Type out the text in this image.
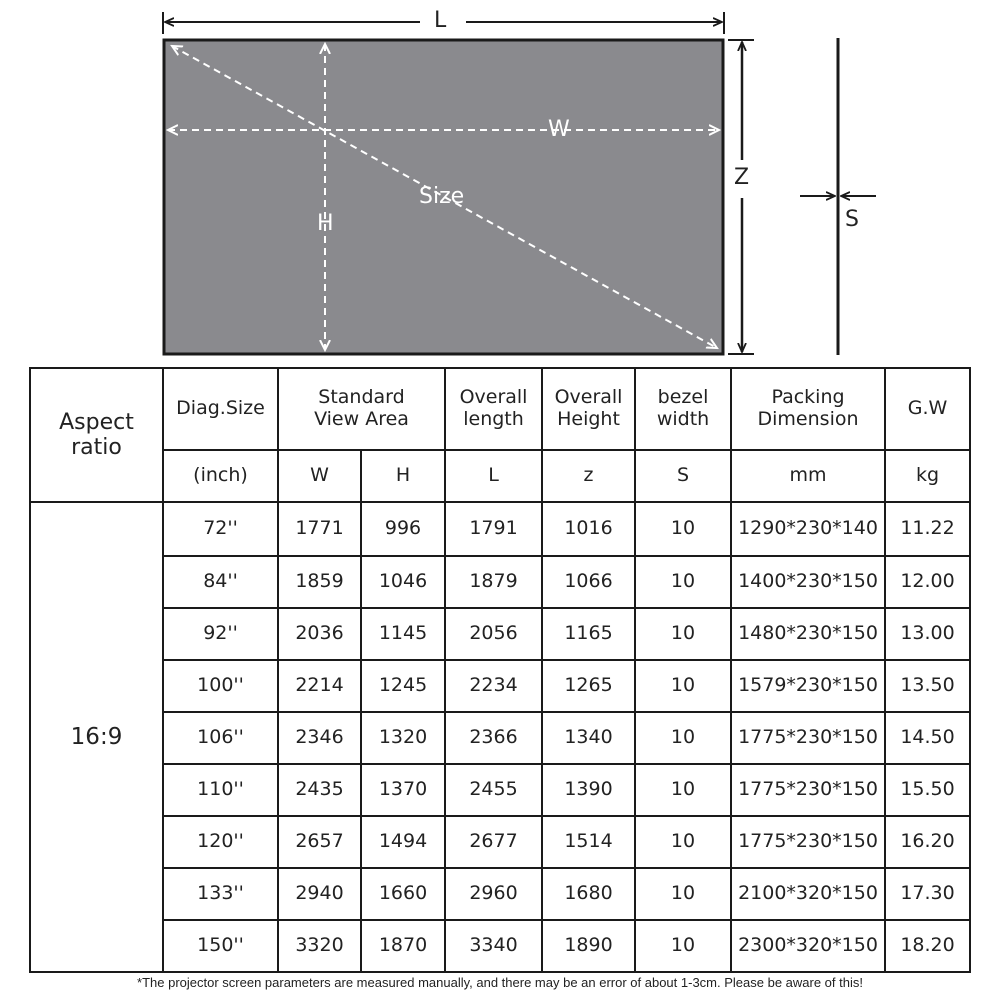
L
Z
S
W
H
Size
Aspect ratio	Diag.Size	Standard View Area		Overall length	Overall Height	bezel width	Packing Dimension	G.W
	(inch)	W	H	L	z	S	mm	kg
16:9	72''	1771	996	1791	1016	10	1290*230*140	11.22
	84''	1859	1046	1879	1066	10	1400*230*150	12.00
	92''	2036	1145	2056	1165	10	1480*230*150	13.00
	100''	2214	1245	2234	1265	10	1579*230*150	13.50
	106''	2346	1320	2366	1340	10	1775*230*150	14.50
	110''	2435	1370	2455	1390	10	1775*230*150	15.50
	120''	2657	1494	2677	1514	10	1775*230*150	16.20
	133''	2940	1660	2960	1680	10	2100*320*150	17.30
	150''	3320	1870	3340	1890	10	2300*320*150	18.20
*The projector screen parameters are measured manually, and there may be an error of about 1-3cm. Please be aware of this!
